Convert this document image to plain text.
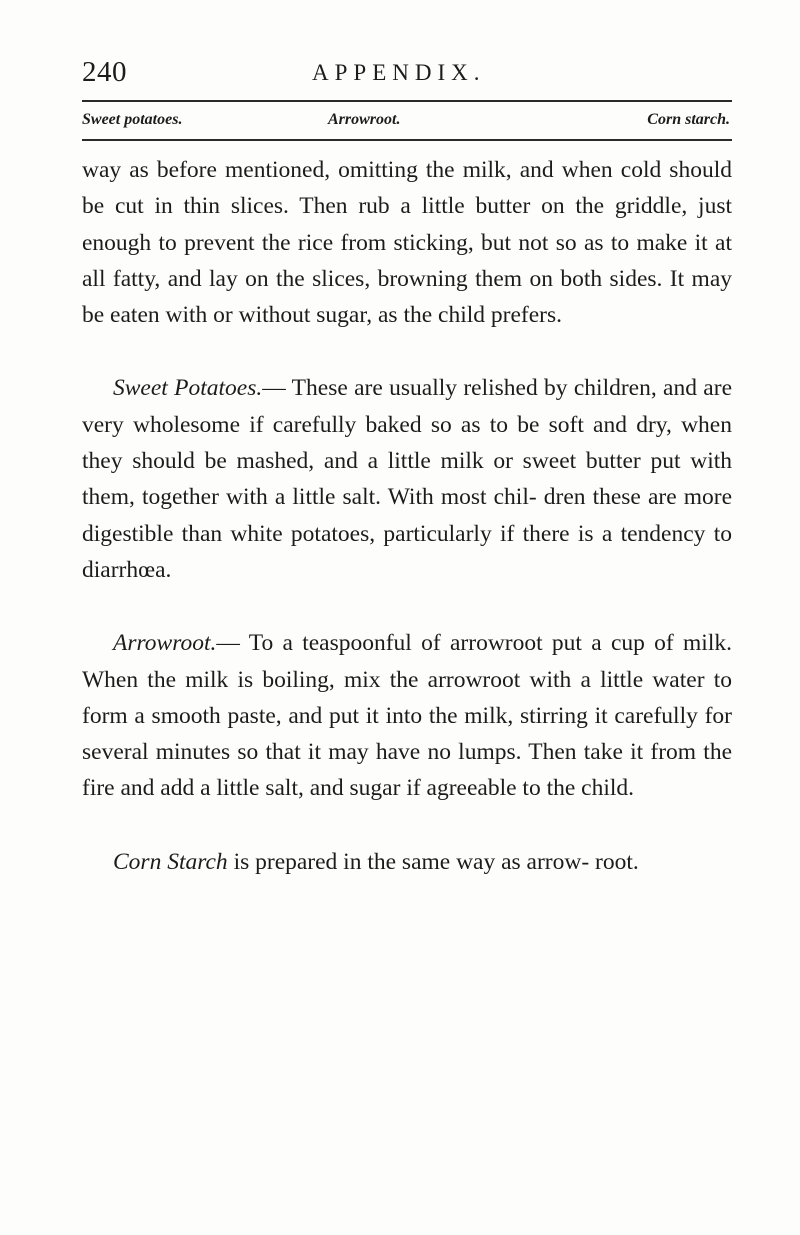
240	APPENDIX.
Sweet potatoes.	Arrowroot.	Corn starch.

way as before mentioned, omitting the milk, and when cold should be cut in thin slices. Then rub a little butter on the griddle, just enough to prevent the rice from sticking, but not so as to make it at all fatty, and lay on the slices, browning them on both sides. It may be eaten with or without sugar, as the child prefers.

Sweet Potatoes.— These are usually relished by children, and are very wholesome if carefully baked so as to be soft and dry, when they should be mashed, and a little milk or sweet butter put with them, together with a little salt. With most chil- dren these are more digestible than white potatoes, particularly if there is a tendency to diarrhœa.

Arrowroot.— To a teaspoonful of arrowroot put a cup of milk. When the milk is boiling, mix the arrowroot with a little water to form a smooth paste, and put it into the milk, stirring it carefully for several minutes so that it may have no lumps. Then take it from the fire and add a little salt, and sugar if agreeable to the child.

Corn Starch is prepared in the same way as arrow- root.
